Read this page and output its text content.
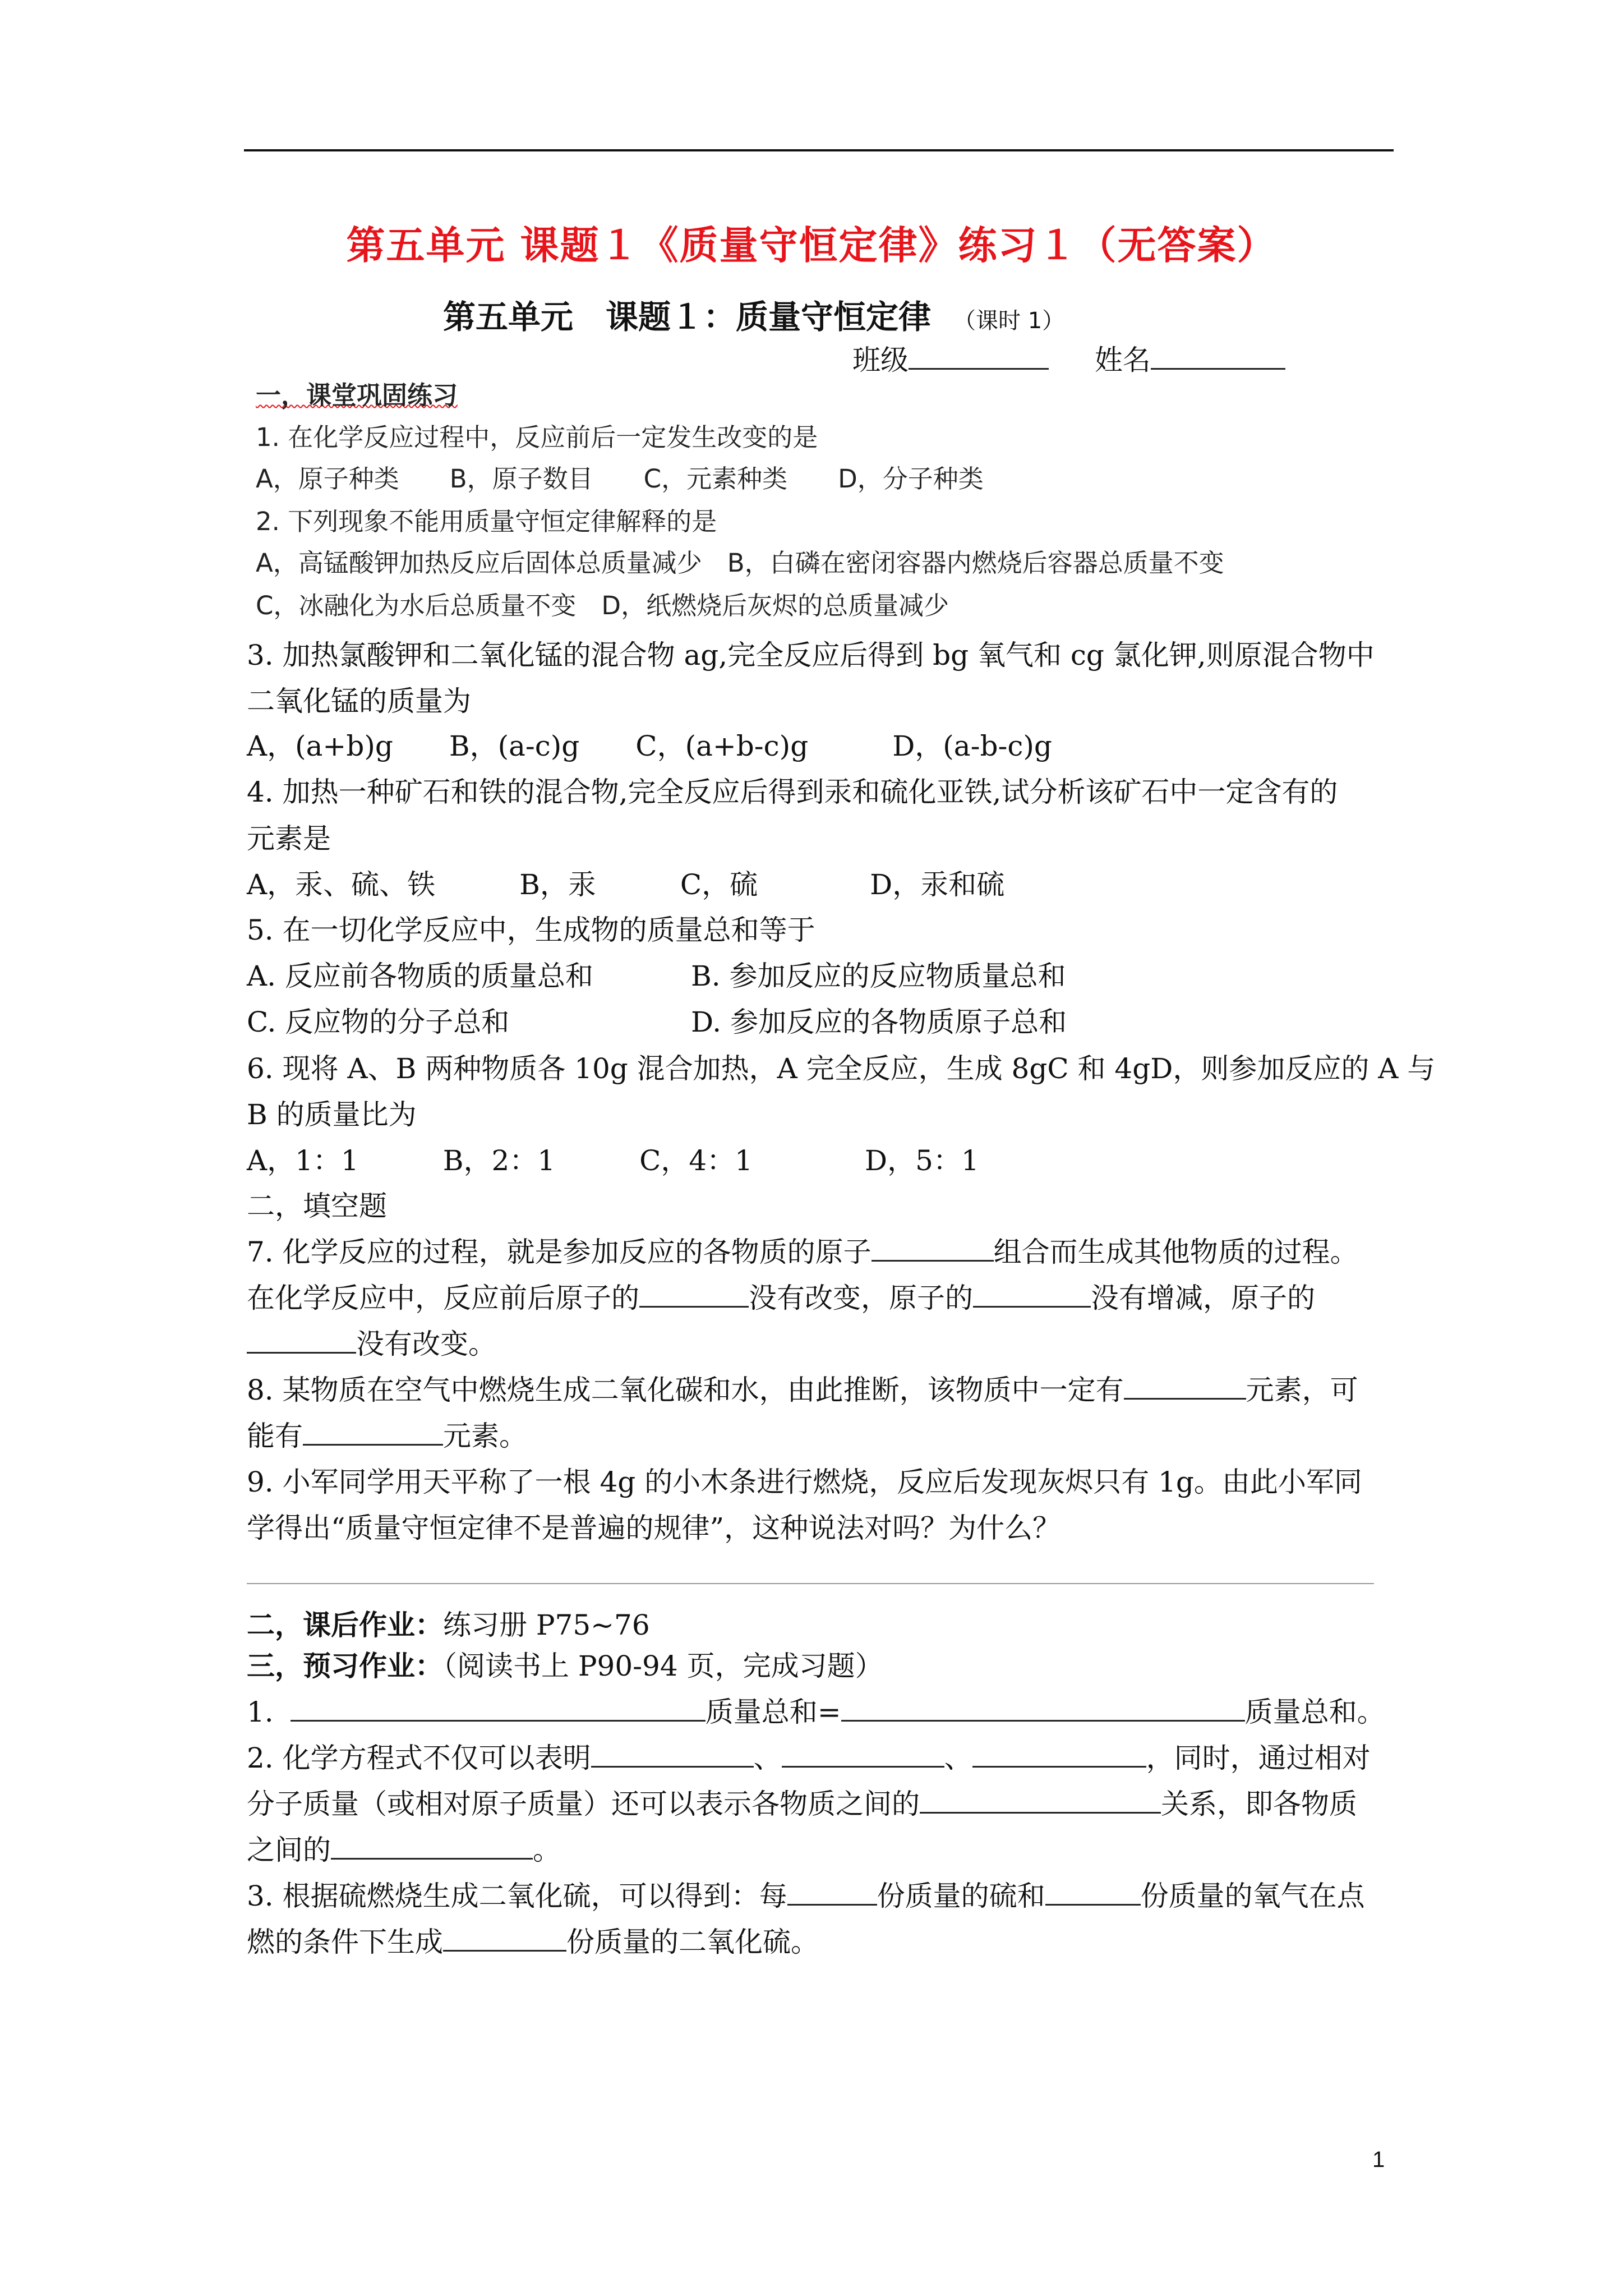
第五单元 课题１《质量守恒定律》练习１（无答案）
第五单元　课题１：质量守恒定律 （课时 1）
班级	姓名
一，课堂巩固练习
1. 在化学反应过程中，反应前后一定发生改变的是
A，原子种类　　B，原子数目　　C，元素种类　　D，分子种类
2. 下列现象不能用质量守恒定律解释的是
A，高锰酸钾加热反应后固体总质量减少　B，白磷在密闭容器内燃烧后容器总质量不变
C，冰融化为水后总质量不变　D，纸燃烧后灰烬的总质量减少
3. 加热氯酸钾和二氧化锰的混合物 ag,完全反应后得到 bg 氧气和 cg 氯化钾,则原混合物中
二氧化锰的质量为
A，(a+b)g　　B，(a-c)g　　C，(a+b-c)g　　　D，(a-b-c)g
4. 加热一种矿石和铁的混合物,完全反应后得到汞和硫化亚铁,试分析该矿石中一定含有的
元素是
A，汞、硫、铁　　　B，汞　　　C，硫　　　　D，汞和硫
5. 在一切化学反应中，生成物的质量总和等于
A. 反应前各物质的质量总和	B. 参加反应的反应物质量总和
C. 反应物的分子总和	D. 参加反应的各物质原子总和
6. 现将 A、B 两种物质各 10g 混合加热，A 完全反应，生成 8gC 和 4gD，则参加反应的 A 与
B 的质量比为
A，1：1　　　B，2：1　　　C，4：1　　　　D，5：1
二，填空题
7. 化学反应的过程，就是参加反应的各物质的原子	组合而生成其他物质的过程。
在化学反应中，反应前后原子的	没有改变，原子的	没有增减，原子的
没有改变。
8. 某物质在空气中燃烧生成二氧化碳和水，由此推断，该物质中一定有	元素，可
能有	元素。
9. 小军同学用天平称了一根 4g 的小木条进行燃烧，反应后发现灰烬只有 1g。由此小军同
学得出“质量守恒定律不是普遍的规律”，这种说法对吗？为什么？
二，课后作业：练习册 P75~76
三，预习作业：（阅读书上 P90-94 页，完成习题）
1.	质量总和=	质量总和。
2. 化学方程式不仅可以表明	、	、	，同时，通过相对
分子质量（或相对原子质量）还可以表示各物质之间的	关系，即各物质
之间的	。
3. 根据硫燃烧生成二氧化硫，可以得到：每	份质量的硫和	份质量的氧气在点
燃的条件下生成	份质量的二氧化硫。
1
